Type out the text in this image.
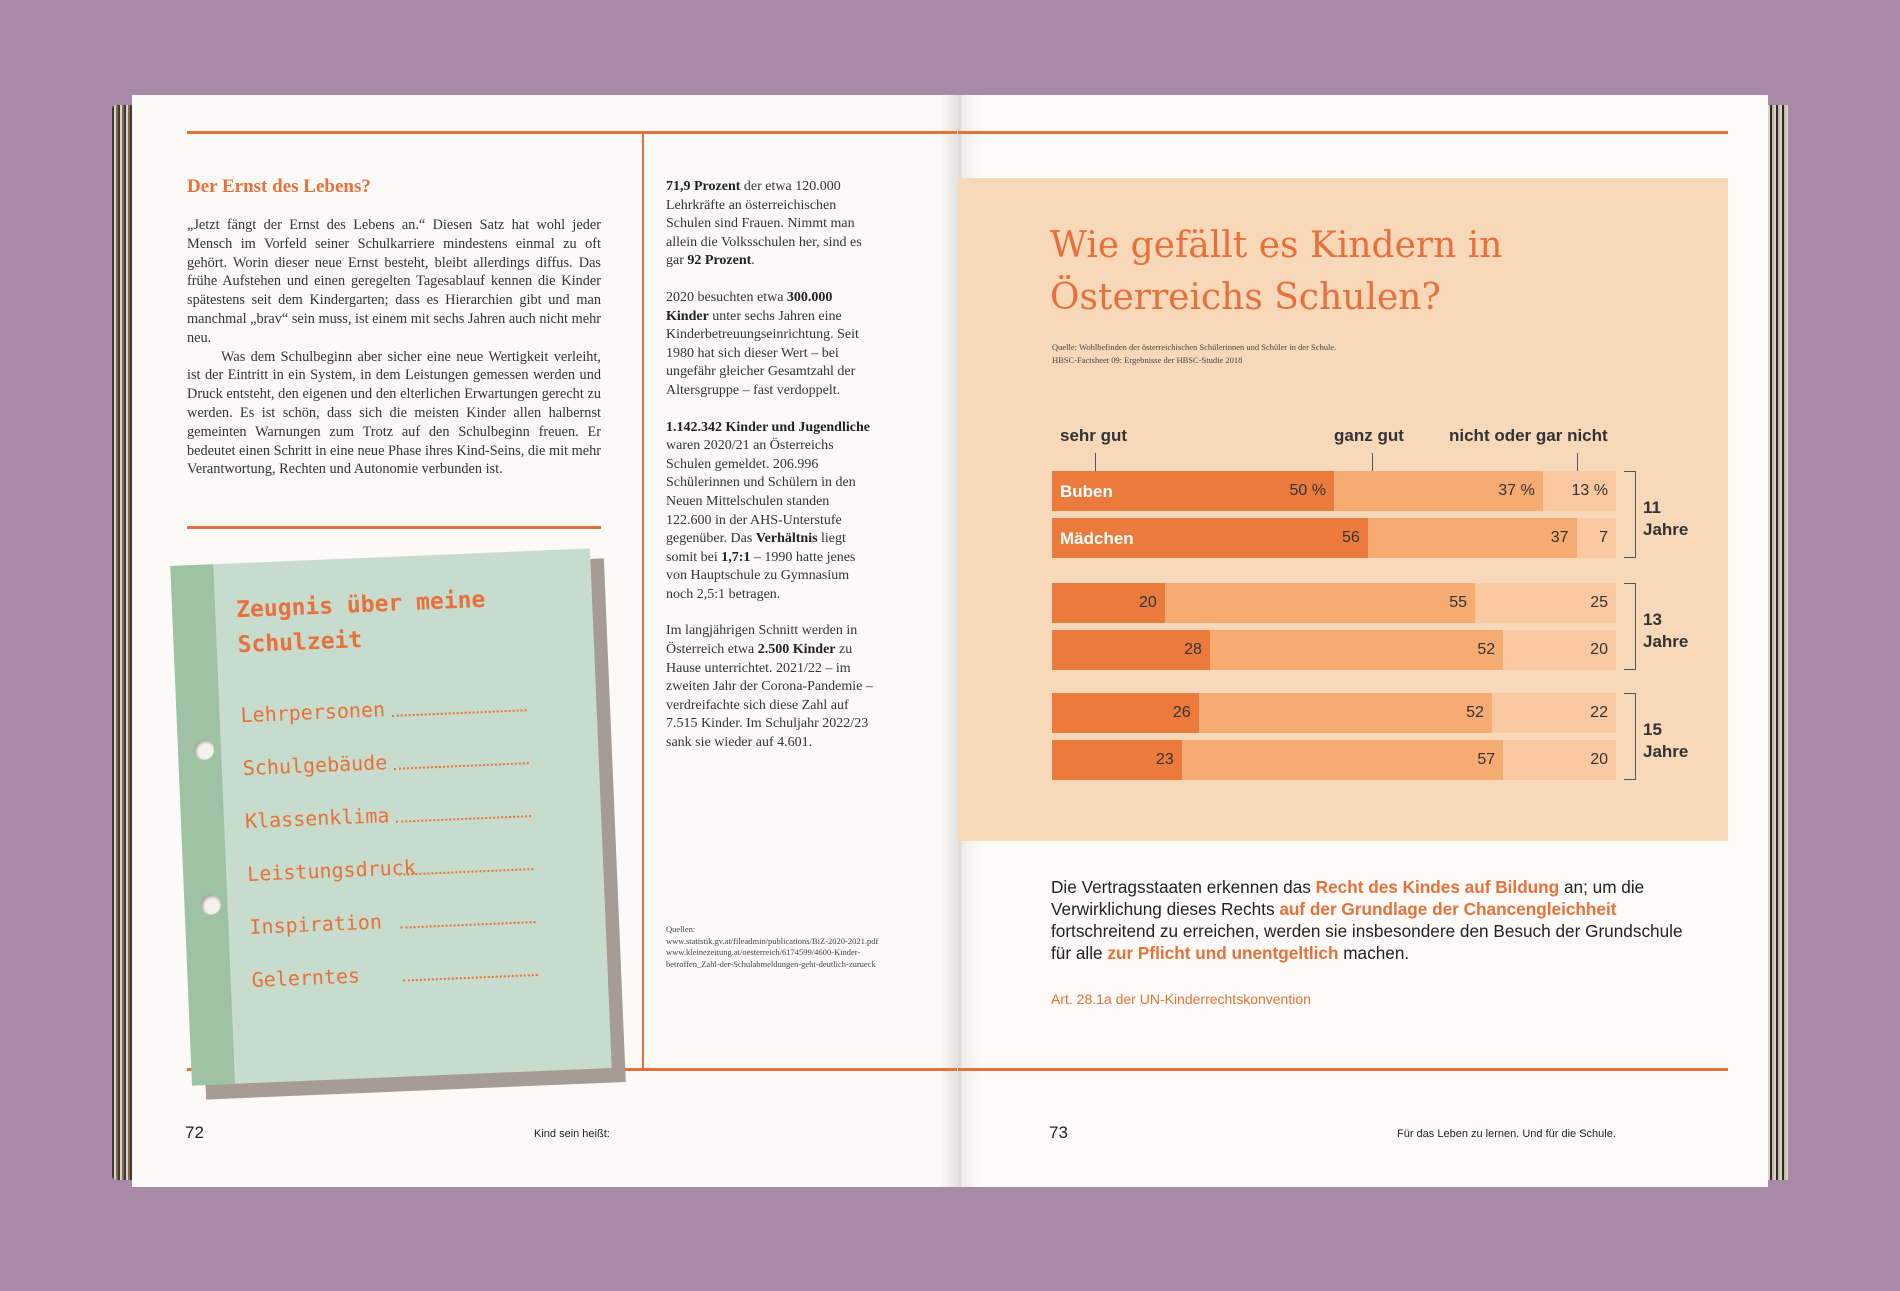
Der Ernst des Lebens?

„Jetzt fängt der Ernst des Lebens an.“ Diesen Satz hat wohl jeder Mensch im Vorfeld seiner Schulkarriere mindestens einmal zu oft gehört. Worin dieser neue Ernst besteht, bleibt allerdings diffus. Das frühe Aufstehen und einen geregelten Tagesablauf kennen die Kinder spätestens seit dem Kindergarten; dass es Hierarchien gibt und man manchmal „brav“ sein muss, ist einem mit sechs Jahren auch nicht mehr neu.

Was dem Schulbeginn aber sicher eine neue Wertigkeit verleiht, ist der Eintritt in ein System, in dem Leistungen gemessen werden und Druck entsteht, den eigenen und den elterlichen Erwartungen gerecht zu werden. Es ist schön, dass sich die meisten Kinder allen halbernst gemeinten Warnungen zum Trotz auf den Schulbeginn freuen. Er bedeutet einen Schritt in eine neue Phase ihres Kind-Seins, die mit mehr Verantwortung, Rechten und Autonomie verbunden ist.

Zeugnis über meine
Schulzeit
Lehrpersonen
Schulgebäude
Klassenklima
Leistungsdruck
Inspiration
Gelerntes

71,9 Prozent der etwa 120.000 Lehrkräfte an österreichischen Schulen sind Frauen. Nimmt man allein die Volksschulen her, sind es gar 92 Prozent.

2020 besuchten etwa 300.000 Kinder unter sechs Jahren eine Kinderbetreuungseinrichtung. Seit 1980 hat sich dieser Wert – bei ungefähr gleicher Gesamtzahl der Altersgruppe – fast verdoppelt.

1.142.342 Kinder und Jugendliche waren 2020/21 an Österreichs Schulen gemeldet. 206.996 Schülerinnen und Schülern in den Neuen Mittelschulen standen 122.600 in der AHS-Unterstufe gegenüber. Das Verhältnis liegt somit bei 1,7:1 – 1990 hatte jenes von Hauptschule zu Gymnasium noch 2,5:1 betragen.

Im langjährigen Schnitt werden in Österreich etwa 2.500 Kinder zu Hause unterrichtet. 2021/22 – im zweiten Jahr der Corona-Pandemie – verdreifachte sich diese Zahl auf 7.515 Kinder. Im Schuljahr 2022/23 sank sie wieder auf 4.601.

Quellen:
www.statistik.gv.at/fileadmin/publications/BiZ-2020-2021.pdf
www.kleinezeitung.at/oesterreich/6174599/4600-Kinder-betroffen_Zahl-der-Schulabmeldungen-geht-deutlich-zurueck
72	Kind sein heißt:
Wie gefällt es Kindern in
Österreichs Schulen?
Quelle: Wohlbefinden der österreichischen Schülerinnen und Schüler in der Schule.
HBSC-Factsheet 09: Ergebnisse der HBSC-Studie 2018
sehr gut	ganz gut	nicht oder gar nicht
Buben	50 %	37 % 13 %
Mädchen	56	37 7
11
Jahre
20	55	25
28	52	20
13
Jahre
26	52	22
23	57	20
15
Jahre
Die Vertragsstaaten erkennen das Recht des Kindes auf Bildung an; um die Verwirklichung dieses Rechts auf der Grundlage der Chancengleichheit fortschreitend zu erreichen, werden sie insbesondere den Besuch der Grundschule für alle zur Pflicht und unentgeltlich machen.
Art. 28.1a der UN-Kinderrechtskonvention
73	Für das Leben zu lernen. Und für die Schule.
